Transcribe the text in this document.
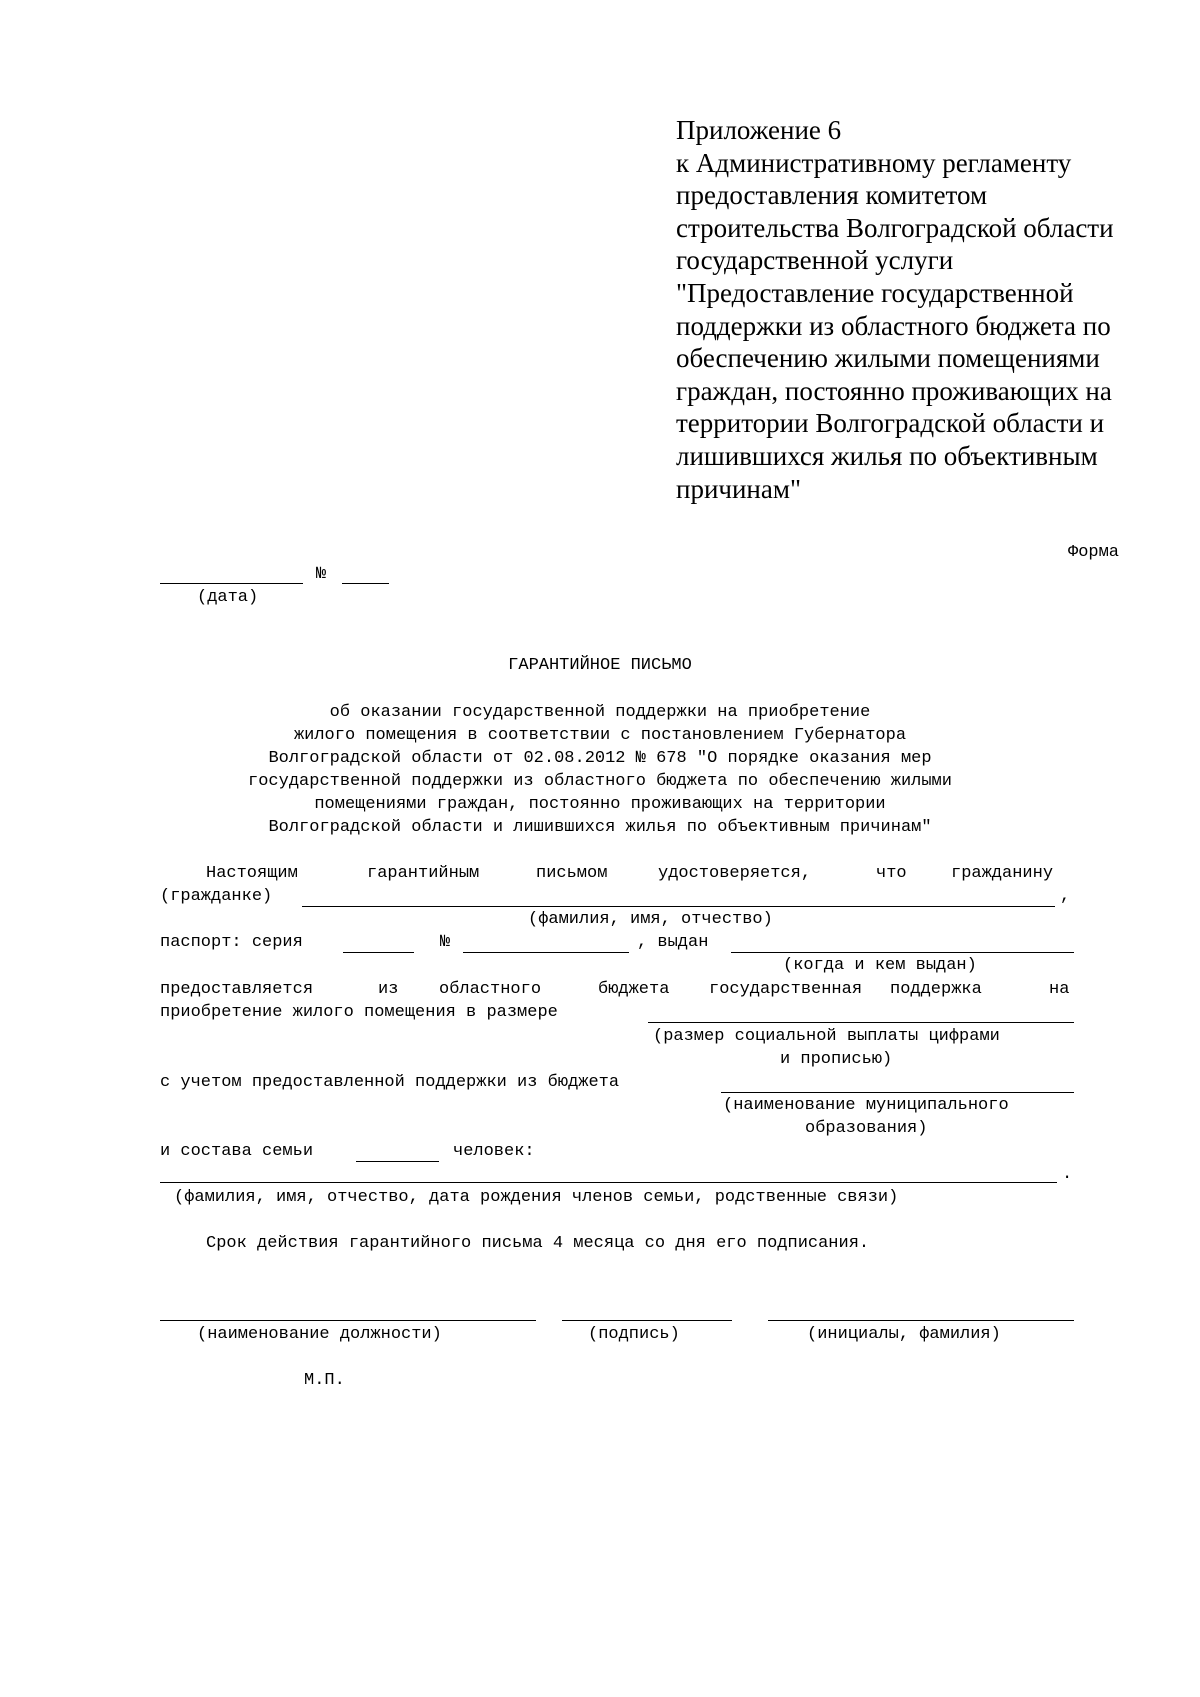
Приложение 6
к Административному регламенту
предоставления комитетом
строительства Волгоградской области
государственной услуги
"Предоставление государственной
поддержки из областного бюджета по
обеспечению жилыми помещениями
граждан, постоянно проживающих на
территории Волгоградской области и
лишившихся жилья по объективным
причинам"
Форма
№
(дата)
ГАРАНТИЙНОЕ ПИСЬМО
об оказании государственной поддержки на приобретение
жилого помещения в соответствии с постановлением Губернатора
Волгоградской области от 02.08.2012 № 678 "О порядке оказания мер
государственной поддержки из областного бюджета по обеспечению жилыми
помещениями граждан, постоянно проживающих на территории
Волгоградской области и лишившихся жилья по объективным причинам"
Настоящим	гарантийным	письмом	удостоверяется,	что	гражданину
(гражданке)	,
(фамилия, имя, отчество)
паспорт: серия	№	, выдан
(когда и кем выдан)
предоставляется	из областного	бюджета государственная поддержка	на
приобретение жилого помещения в размере
(размер социальной выплаты цифрами
и прописью)
с учетом предоставленной поддержки из бюджета
(наименование муниципального
образования)
и состава семьи	человек:
.
(фамилия, имя, отчество, дата рождения членов семьи, родственные связи)
Срок действия гарантийного письма 4 месяца со дня его подписания.
(наименование должности)	(подпись)	(инициалы, фамилия)
М.П.
